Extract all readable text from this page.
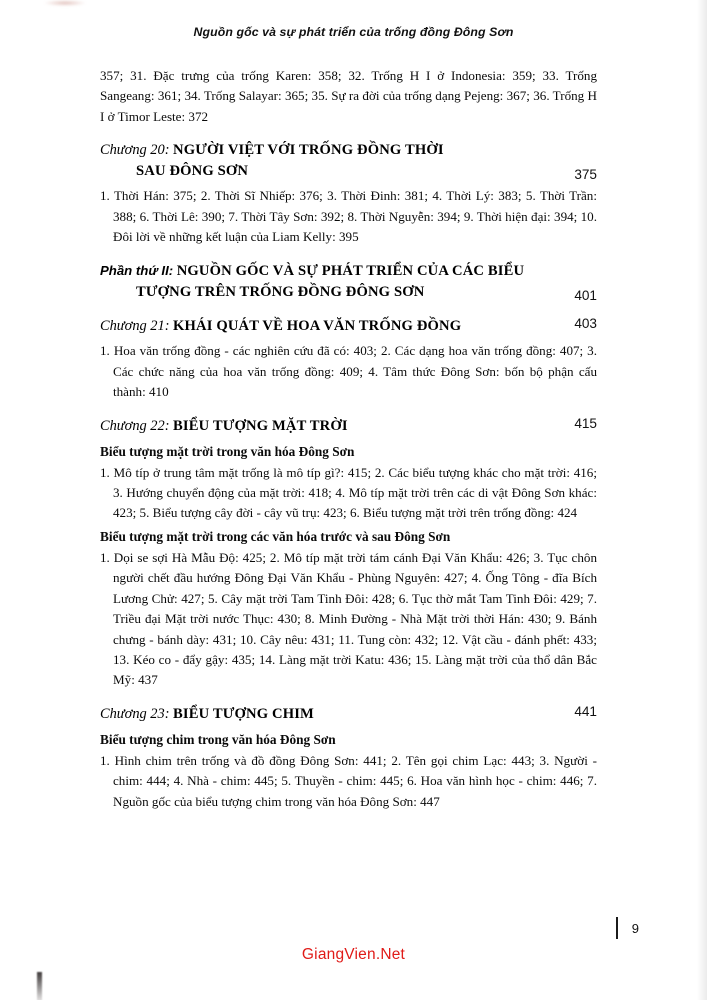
Nguồn gốc và sự phát triển của trống đồng Đông Sơn

357; 31. Đặc trưng của trống Karen: 358; 32. Trống H I ở Indonesia: 359; 33. Trống Sangeang: 361; 34. Trống Salayar: 365; 35. Sự ra đời của trống dạng Pejeng: 367; 36. Trống H I ở Timor Leste: 372

Chương 20: NGƯỜI VIỆT VỚI TRỐNG ĐỒNG THỜI
SAU ĐÔNG SƠN	375

1. Thời Hán: 375; 2. Thời Sĩ Nhiếp: 376; 3. Thời Đinh: 381; 4. Thời Lý: 383; 5. Thời Trần: 388; 6. Thời Lê: 390; 7. Thời Tây Sơn: 392; 8. Thời Nguyễn: 394; 9. Thời hiện đại: 394; 10. Đôi lời về những kết luận của Liam Kelly: 395

Phần thứ II: NGUỒN GỐC VÀ SỰ PHÁT TRIỂN CỦA CÁC BIỂU
TƯỢNG TRÊN TRỐNG ĐỒNG ĐÔNG SƠN	401
Chương 21: KHÁI QUÁT VỀ HOA VĂN TRỐNG ĐỒNG	403

1. Hoa văn trống đồng - các nghiên cứu đã có: 403; 2. Các dạng hoa văn trống đồng: 407; 3. Các chức năng của hoa văn trống đồng: 409; 4. Tâm thức Đông Sơn: bốn bộ phận cấu thành: 410

Chương 22: BIỂU TƯỢNG MẶT TRỜI	415
Biểu tượng mặt trời trong văn hóa Đông Sơn

1. Mô típ ở trung tâm mặt trống là mô típ gì?: 415; 2. Các biểu tượng khác cho mặt trời: 416; 3. Hướng chuyển động của mặt trời: 418; 4. Mô típ mặt trời trên các di vật Đông Sơn khác: 423; 5. Biểu tượng cây đời - cây vũ trụ: 423; 6. Biểu tượng mặt trời trên trống đồng: 424

Biểu tượng mặt trời trong các văn hóa trước và sau Đông Sơn

1. Dọi se sợi Hà Mẫu Độ: 425; 2. Mô típ mặt trời tám cánh Đại Văn Khẩu: 426; 3. Tục chôn người chết đầu hướng Đông Đại Văn Khẩu - Phùng Nguyên: 427; 4. Ống Tông - đĩa Bích Lương Chử: 427; 5. Cây mặt trời Tam Tinh Đôi: 428; 6. Tục thờ mắt Tam Tinh Đôi: 429; 7. Triều đại Mặt trời nước Thục: 430; 8. Minh Đường - Nhà Mặt trời thời Hán: 430; 9. Bánh chưng - bánh dày: 431; 10. Cây nêu: 431; 11. Tung còn: 432; 12. Vật cầu - đánh phết: 433; 13. Kéo co - đẩy gậy: 435; 14. Làng mặt trời Katu: 436; 15. Làng mặt trời của thổ dân Bắc Mỹ: 437

Chương 23: BIỂU TƯỢNG CHIM	441
Biểu tượng chim trong văn hóa Đông Sơn

1. Hình chim trên trống và đồ đồng Đông Sơn: 441; 2. Tên gọi chim Lạc: 443; 3. Người - chim: 444; 4. Nhà - chim: 445; 5. Thuyền - chim: 445; 6. Hoa văn hình học - chim: 446; 7. Nguồn gốc của biểu tượng chim trong văn hóa Đông Sơn: 447

9
GiangVien.Net
